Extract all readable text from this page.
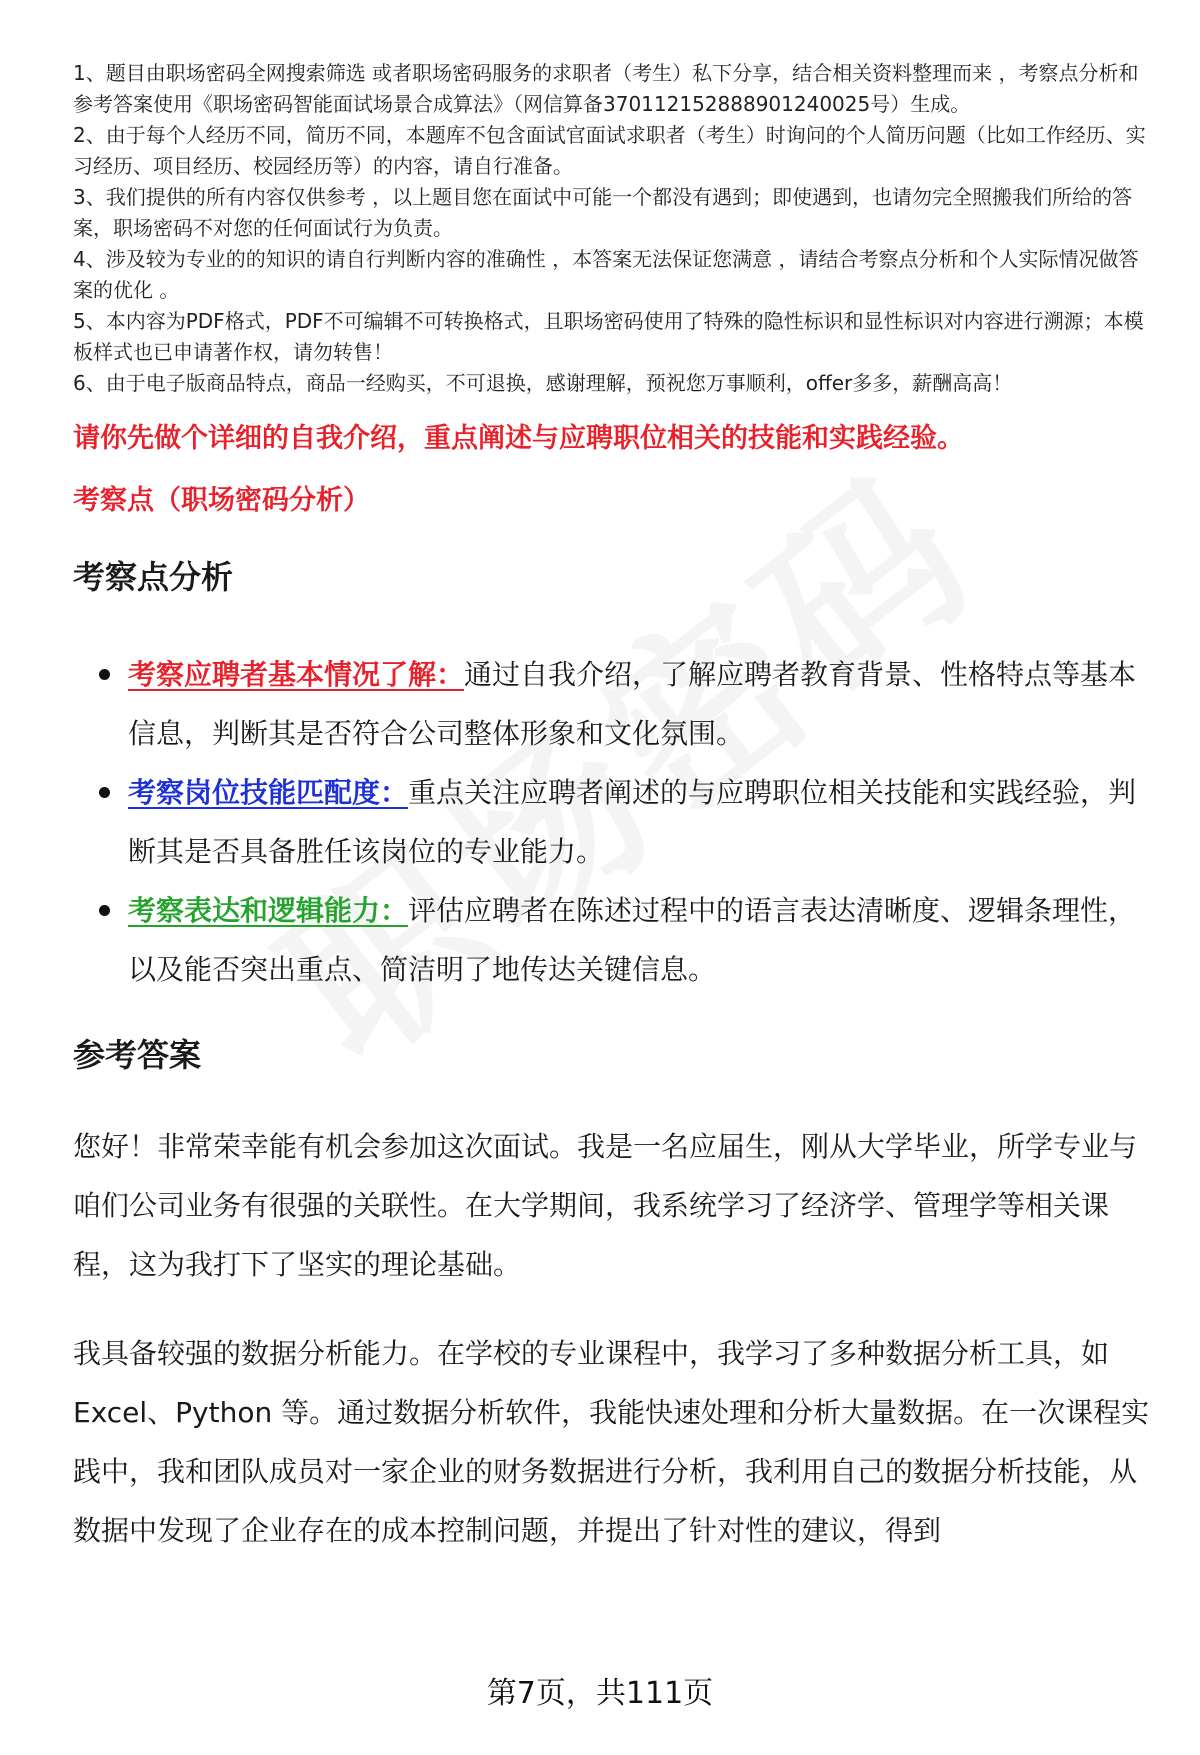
1、题目由职场密码全网搜索筛选 或者职场密码服务的求职者（考生）私下分享，结合相关资料整理而来 ，考察点分析和参考答案使用《职场密码智能面试场景合成算法》（网信算备370112152888901240025号）生成。

2、由于每个人经历不同，简历不同，本题库不包含面试官面试求职者（考生）时询问的个人简历问题（比如工作经历、实习经历、项目经历、校园经历等）的内容，请自行准备。

3、我们提供的所有内容仅供参考 ，以上题目您在面试中可能一个都没有遇到；即使遇到，也请勿完全照搬我们所给的答案，职场密码不对您的任何面试行为负责。

4、涉及较为专业的的知识的请自行判断内容的准确性 ，本答案无法保证您满意 ，请结合考察点分析和个人实际情况做答案的优化 。

5、本内容为PDF格式，PDF不可编辑不可转换格式，且职场密码使用了特殊的隐性标识和显性标识对内容进行溯源；本模板样式也已申请著作权，请勿转售！

6、由于电子版商品特点，商品一经购买，不可退换，感谢理解，预祝您万事顺利，offer多多，薪酬高高！

请你先做个详细的自我介绍，重点阐述与应聘职位相关的技能和实践经验。
考察点（职场密码分析）
考察点分析
考察应聘者基本情况了解：通过自我介绍，了解应聘者教育背景、性格特点等基本信息，判断其是否符合公司整体形象和文化氛围。
考察岗位技能匹配度：重点关注应聘者阐述的与应聘职位相关技能和实践经验，判断其是否具备胜任该岗位的专业能力。
考察表达和逻辑能力：评估应聘者在陈述过程中的语言表达清晰度、逻辑条理性，以及能否突出重点、简洁明了地传达关键信息。
参考答案

您好！非常荣幸能有机会参加这次面试。我是一名应届生，刚从大学毕业，所学专业与咱们公司业务有很强的关联性。在大学期间，我系统学习了经济学、管理学等相关课程，这为我打下了坚实的理论基础。

我具备较强的数据分析能力。在学校的专业课程中，我学习了多种数据分析工具，如 Excel、Python 等。通过数据分析软件，我能快速处理和分析大量数据。在一次课程实践中，我和团队成员对一家企业的财务数据进行分析，我利用自己的数据分析技能，从数据中发现了企业存在的成本控制问题，并提出了针对性的建议，得到

第7页，共111页
